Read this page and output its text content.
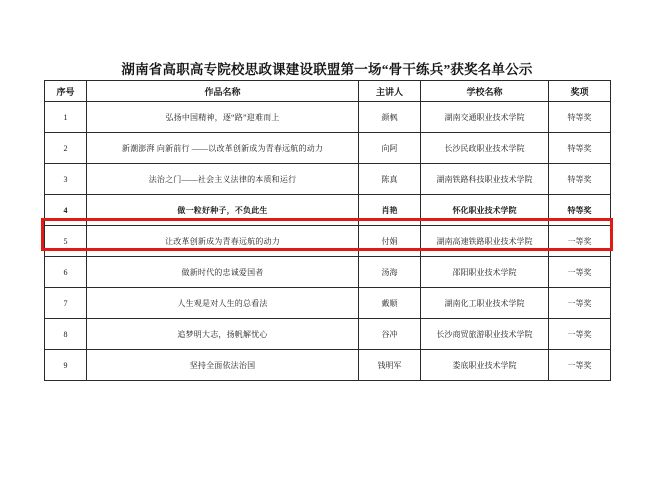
湖南省高职高专院校思政课建设联盟第一场“骨干练兵”获奖名单公示
序号	作品名称	主讲人	学校名称	奖项
1	弘扬中国精神，逐“路”迎难而上	颜枫	湖南交通职业技术学院	特等奖
2	新潮澎湃 向新前行 ——以改革创新成为青春远航的动力	向阿	长沙民政职业技术学院	特等奖
3	法治之门——社会主义法律的本质和运行	陈真	湖南铁路科技职业技术学院	特等奖
4	做一粒好种子，不负此生	肖艳	怀化职业技术学院	特等奖
5	让改革创新成为青春远航的动力	付娟	湖南高速铁路职业技术学院	一等奖
6	做新时代的忠诚爱国者	汤海	邵阳职业技术学院	一等奖
7	人生观是对人生的总看法	戴顺	湖南化工职业技术学院	一等奖
8	追梦明大志，扬帆解忧心	谷冲	长沙商贸旅游职业技术学院	一等奖
9	坚持全面依法治国	钱明军	娄底职业技术学院	一等奖
